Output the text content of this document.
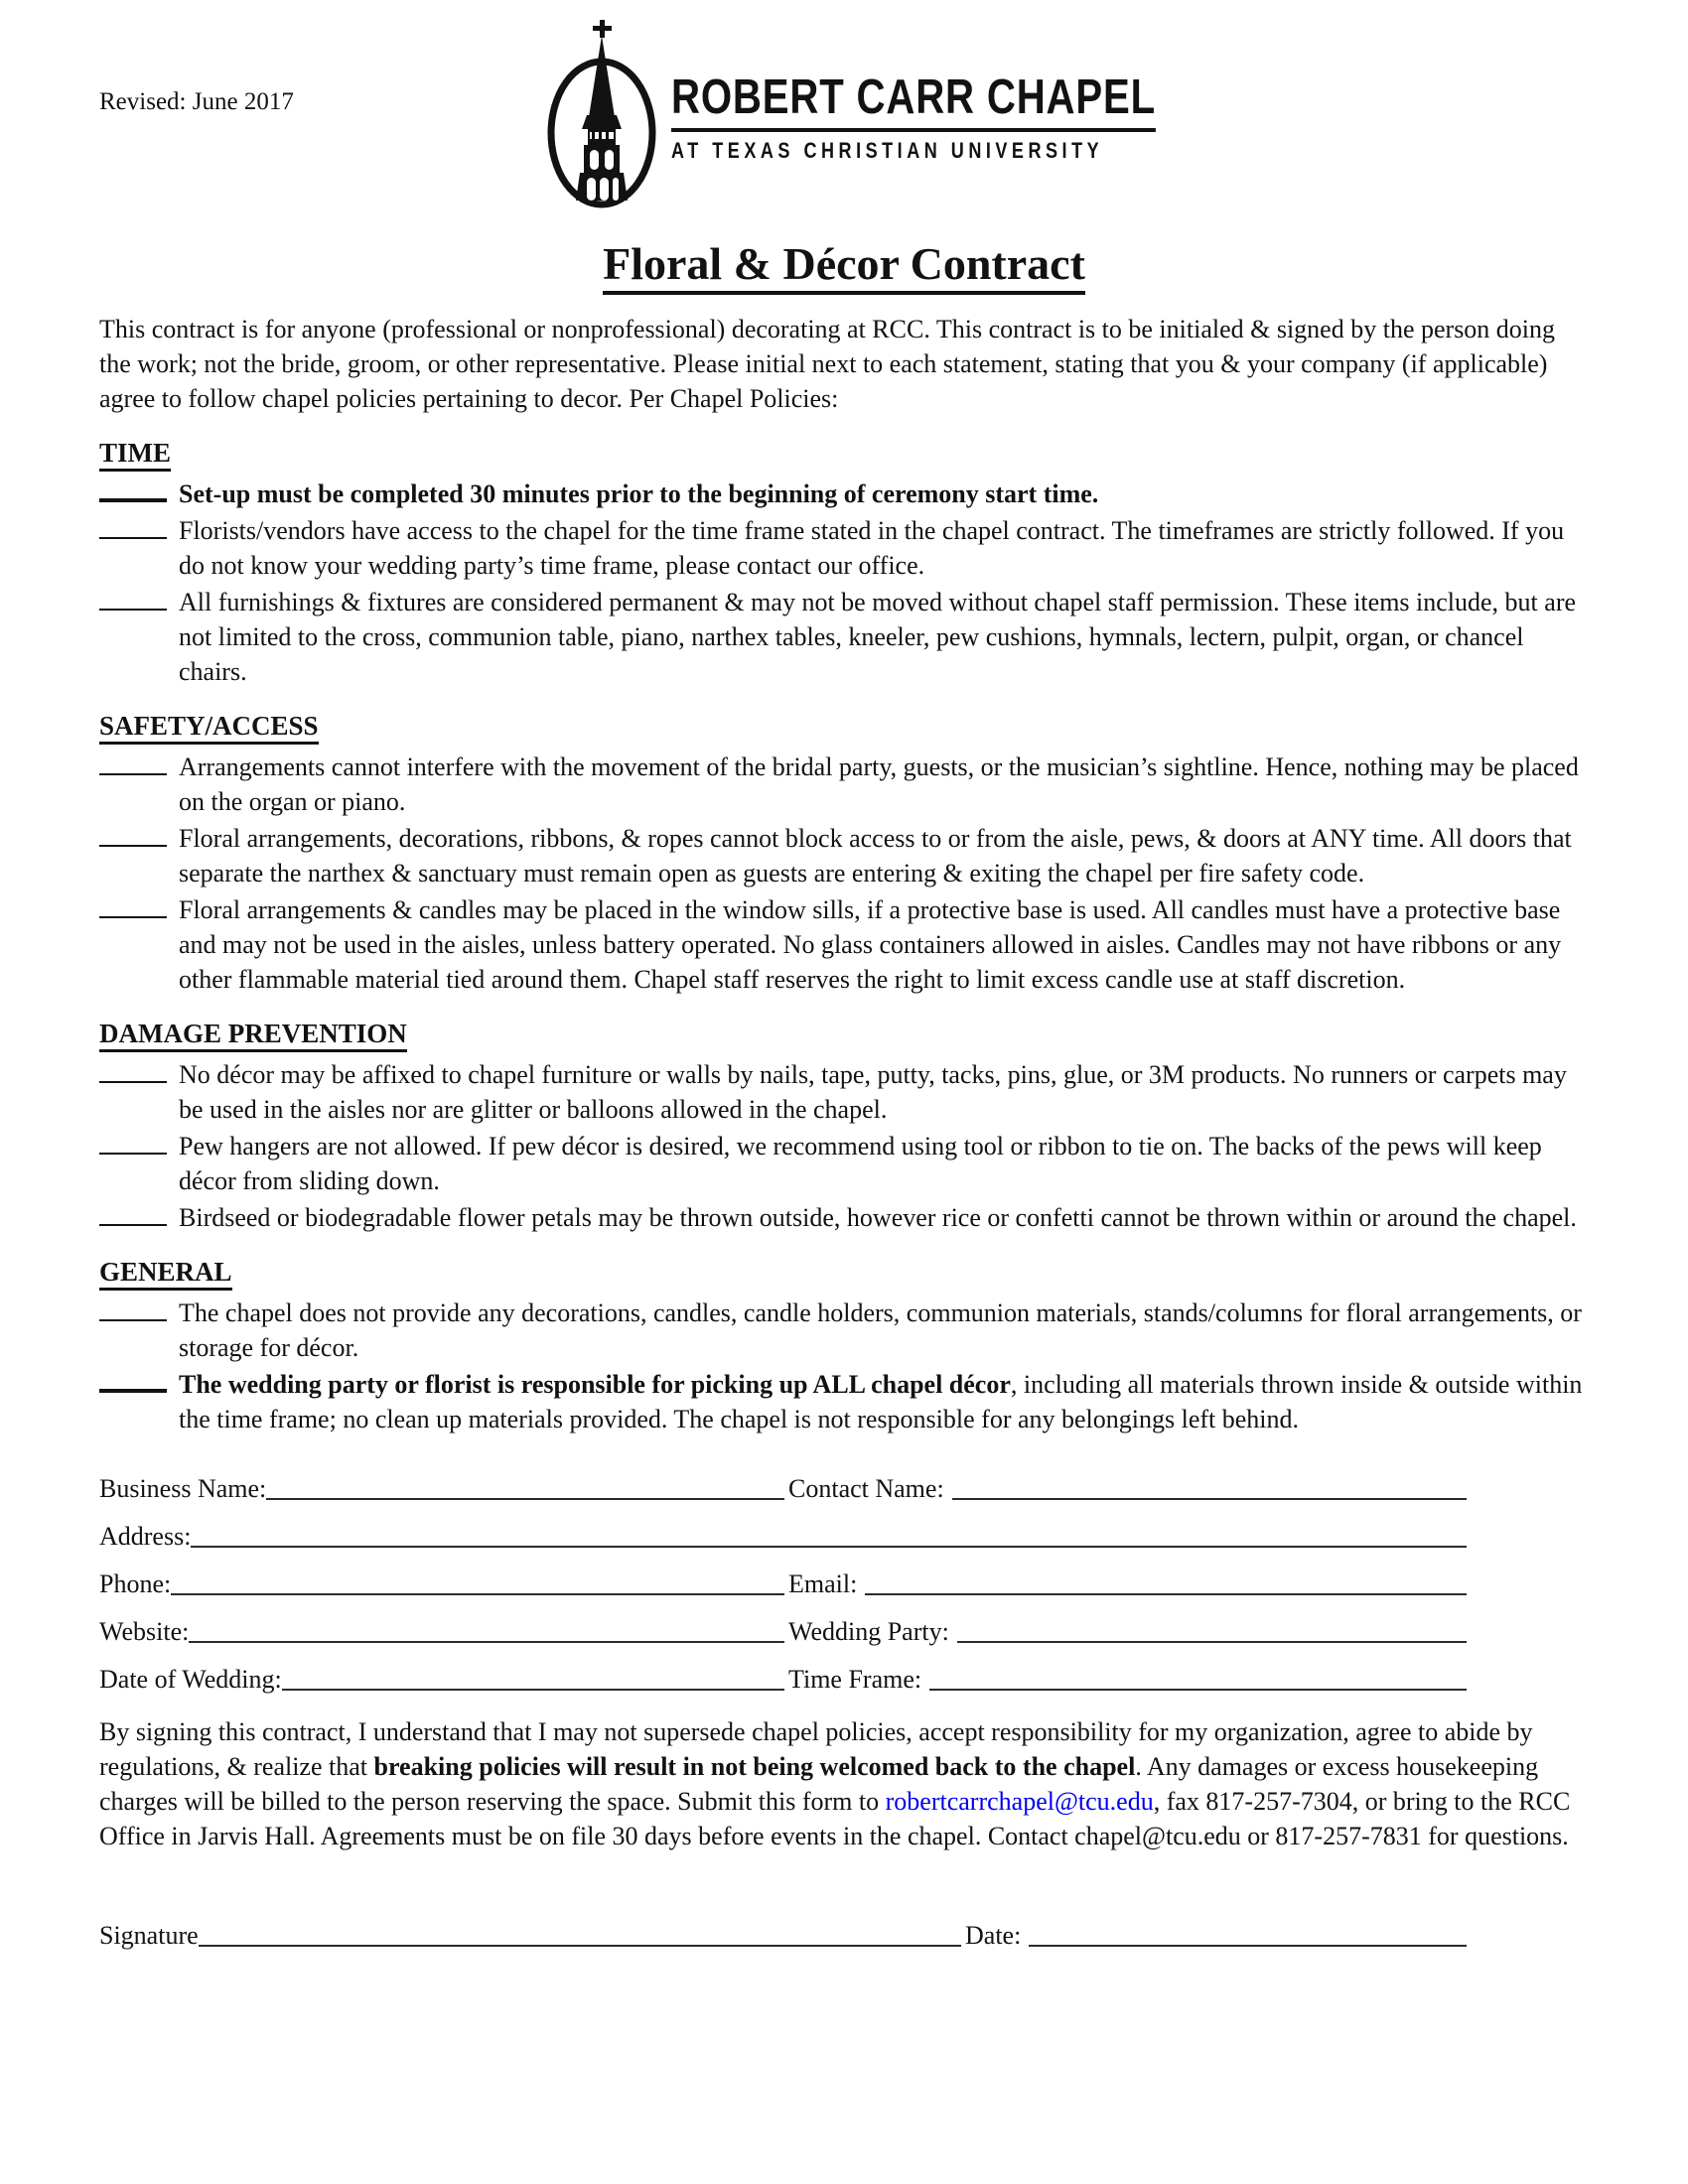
Revised: June 2017	ROBERT CARR CHAPEL
AT TEXAS CHRISTIAN UNIVERSITY
Floral & Décor Contract

This contract is for anyone (professional or nonprofessional) decorating at RCC. This contract is to be initialed & signed by the person doing the work; not the bride, groom, or other representative. Please initial next to each statement, stating that you & your company (if applicable) agree to follow chapel policies pertaining to decor. Per Chapel Policies:

TIME
Set-up must be completed 30 minutes prior to the beginning of ceremony start time.
Florists/vendors have access to the chapel for the time frame stated in the chapel contract. The timeframes are strictly followed. If you do not know your wedding party’s time frame, please contact our office.
All furnishings & fixtures are considered permanent & may not be moved without chapel staff permission. These items include, but are not limited to the cross, communion table, piano, narthex tables, kneeler, pew cushions, hymnals, lectern, pulpit, organ, or chancel chairs.
SAFETY/ACCESS
Arrangements cannot interfere with the movement of the bridal party, guests, or the musician’s sightline. Hence, nothing may be placed on the organ or piano.
Floral arrangements, decorations, ribbons, & ropes cannot block access to or from the aisle, pews, & doors at ANY time. All doors that separate the narthex & sanctuary must remain open as guests are entering & exiting the chapel per fire safety code.
Floral arrangements & candles may be placed in the window sills, if a protective base is used. All candles must have a protective base and may not be used in the aisles, unless battery operated. No glass containers allowed in aisles. Candles may not have ribbons or any other flammable material tied around them. Chapel staff reserves the right to limit excess candle use at staff discretion.
DAMAGE PREVENTION
No décor may be affixed to chapel furniture or walls by nails, tape, putty, tacks, pins, glue, or 3M products. No runners or carpets may be used in the aisles nor are glitter or balloons allowed in the chapel.
Pew hangers are not allowed. If pew décor is desired, we recommend using tool or ribbon to tie on. The backs of the pews will keep décor from sliding down.
Birdseed or biodegradable flower petals may be thrown outside, however rice or confetti cannot be thrown within or around the chapel.
GENERAL
The chapel does not provide any decorations, candles, candle holders, communion materials, stands/columns for floral arrangements, or storage for décor.
The wedding party or florist is responsible for picking up ALL chapel décor, including all materials thrown inside & outside within the time frame; no clean up materials provided. The chapel is not responsible for any belongings left behind.
Business Name:	Contact Name:
Address:
Phone:	Email:
Website:	Wedding Party:
Date of Wedding:	Time Frame:

By signing this contract, I understand that I may not supersede chapel policies, accept responsibility for my organization, agree to abide by regulations, & realize that breaking policies will result in not being welcomed back to the chapel. Any damages or excess housekeeping charges will be billed to the person reserving the space. Submit this form to robertcarrchapel@tcu.edu, fax 817-257-7304, or bring to the RCC Office in Jarvis Hall. Agreements must be on file 30 days before events in the chapel. Contact chapel@tcu.edu or 817-257-7831 for questions.

Signature	Date:
